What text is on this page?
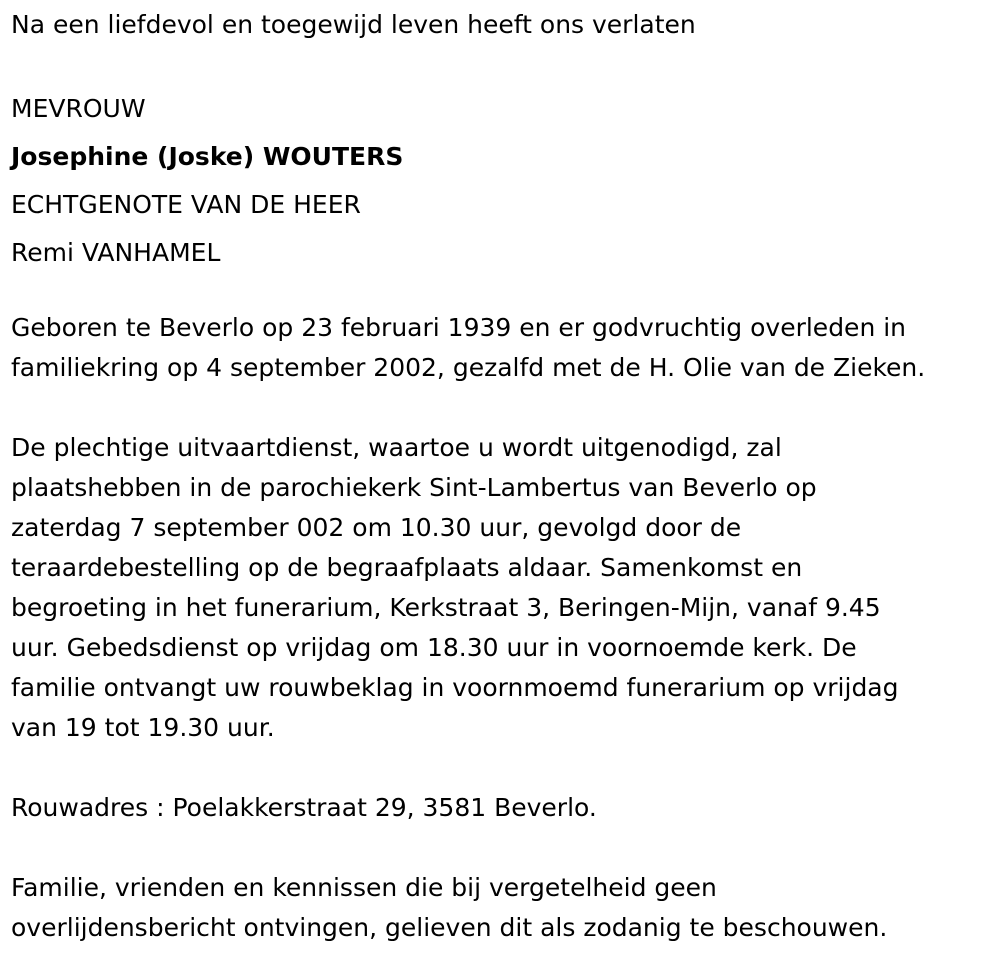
Na een liefdevol en toegewijd leven heeft ons verlaten

MEVROUW

Josephine (Joske) WOUTERS

ECHTGENOTE VAN DE HEER

Remi VANHAMEL

Geboren te Beverlo op 23 februari 1939 en er godvruchtig overleden in

familiekring op 4 september 2002, gezalfd met de H. Olie van de Zieken.

De plechtige uitvaartdienst, waartoe u wordt uitgenodigd, zal

plaatshebben in de parochiekerk Sint-Lambertus van Beverlo op

zaterdag 7 september 002 om 10.30 uur, gevolgd door de

teraardebestelling op de begraafplaats aldaar. Samenkomst en

begroeting in het funerarium, Kerkstraat 3, Beringen-Mijn, vanaf 9.45

uur. Gebedsdienst op vrijdag om 18.30 uur in voornoemde kerk. De

familie ontvangt uw rouwbeklag in voornmoemd funerarium op vrijdag

van 19 tot 19.30 uur.

Rouwadres : Poelakkerstraat 29, 3581 Beverlo.

Familie, vrienden en kennissen die bij vergetelheid geen

overlijdensbericht ontvingen, gelieven dit als zodanig te beschouwen.
